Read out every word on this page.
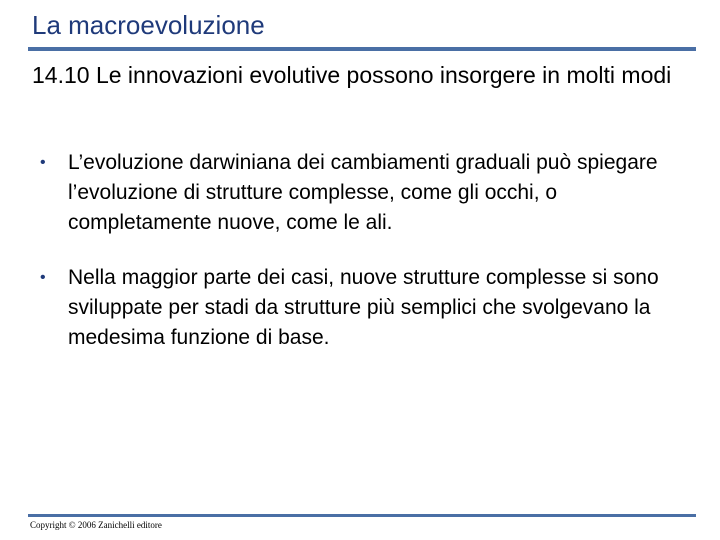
La macroevoluzione
14.10 Le innovazioni evolutive possono insorgere in molti modi
• L’evoluzione darwiniana dei cambiamenti graduali può spiegare l’evoluzione di strutture complesse, come gli occhi, o completamente nuove, come le ali.
• Nella maggior parte dei casi, nuove strutture complesse si sono sviluppate per stadi da strutture più semplici che svolgevano la medesima funzione di base.
Copyright © 2006 Zanichelli editore
